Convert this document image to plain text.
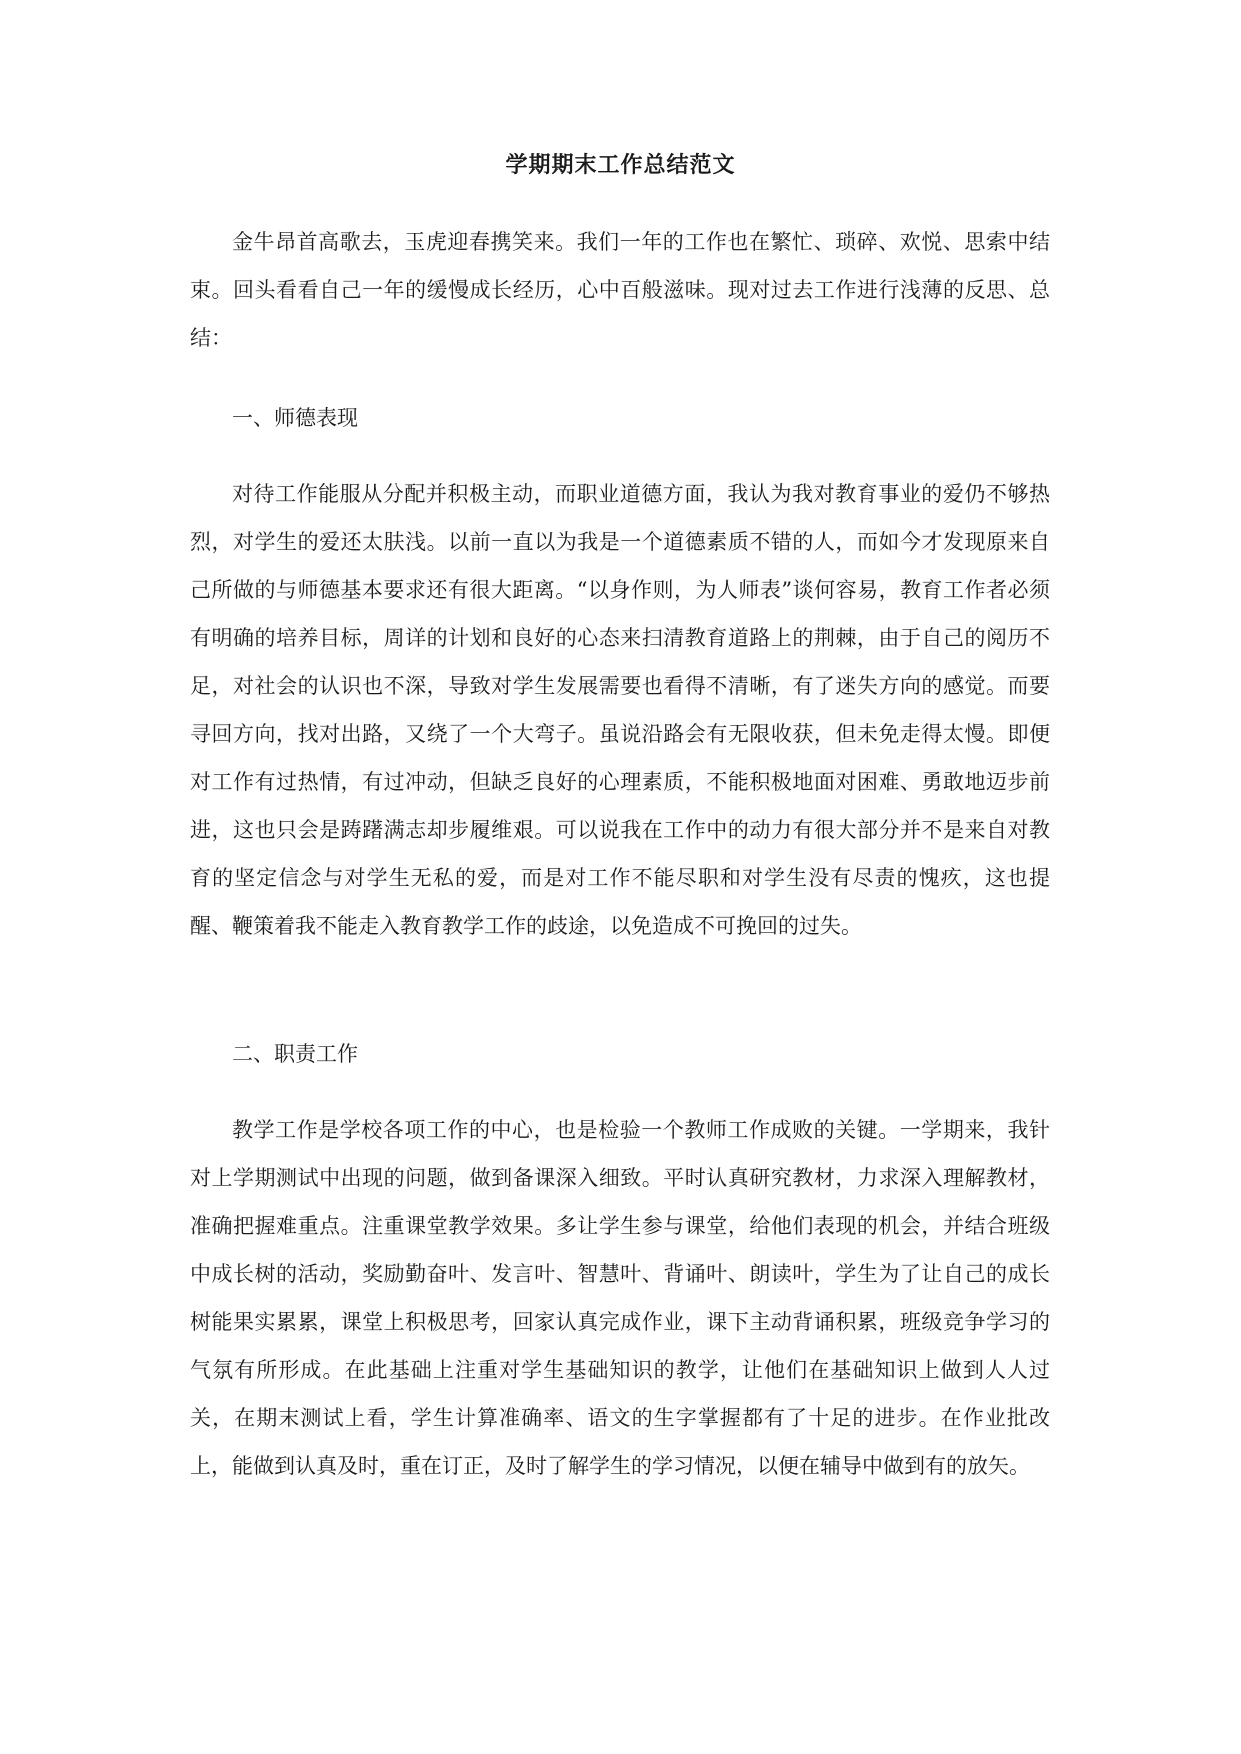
学期期末工作总结范文
金牛昂首高歌去，玉虎迎春携笑来。我们一年的工作也在繁忙、琐碎、欢悦、思索中结束。回头看看自己一年的缓慢成长经历，心中百般滋味。现对过去工作进行浅薄的反思、总结：
一、师德表现
对待工作能服从分配并积极主动，而职业道德方面，我认为我对教育事业的爱仍不够热烈，对学生的爱还太肤浅。以前一直以为我是一个道德素质不错的人，而如今才发现原来自己所做的与师德基本要求还有很大距离。“以身作则，为人师表”谈何容易，教育工作者必须有明确的培养目标，周详的计划和良好的心态来扫清教育道路上的荆棘，由于自己的阅历不足，对社会的认识也不深，导致对学生发展需要也看得不清晰，有了迷失方向的感觉。而要寻回方向，找对出路，又绕了一个大弯子。虽说沿路会有无限收获，但未免走得太慢。即便对工作有过热情，有过冲动，但缺乏良好的心理素质，不能积极地面对困难、勇敢地迈步前进，这也只会是踌躇满志却步履维艰。可以说我在工作中的动力有很大部分并不是来自对教育的坚定信念与对学生无私的爱，而是对工作不能尽职和对学生没有尽责的愧疚，这也提醒、鞭策着我不能走入教育教学工作的歧途，以免造成不可挽回的过失。
二、职责工作
教学工作是学校各项工作的中心，也是检验一个教师工作成败的关键。一学期来，我针对上学期测试中出现的问题，做到备课深入细致。平时认真研究教材，力求深入理解教材，准确把握难重点。注重课堂教学效果。多让学生参与课堂，给他们表现的机会，并结合班级中成长树的活动，奖励勤奋叶、发言叶、智慧叶、背诵叶、朗读叶，学生为了让自己的成长树能果实累累，课堂上积极思考，回家认真完成作业，课下主动背诵积累，班级竞争学习的气氛有所形成。在此基础上注重对学生基础知识的教学，让他们在基础知识上做到人人过关，在期末测试上看，学生计算准确率、语文的生字掌握都有了十足的进步。在作业批改上，能做到认真及时，重在订正，及时了解学生的学习情况，以便在辅导中做到有的放矢。
